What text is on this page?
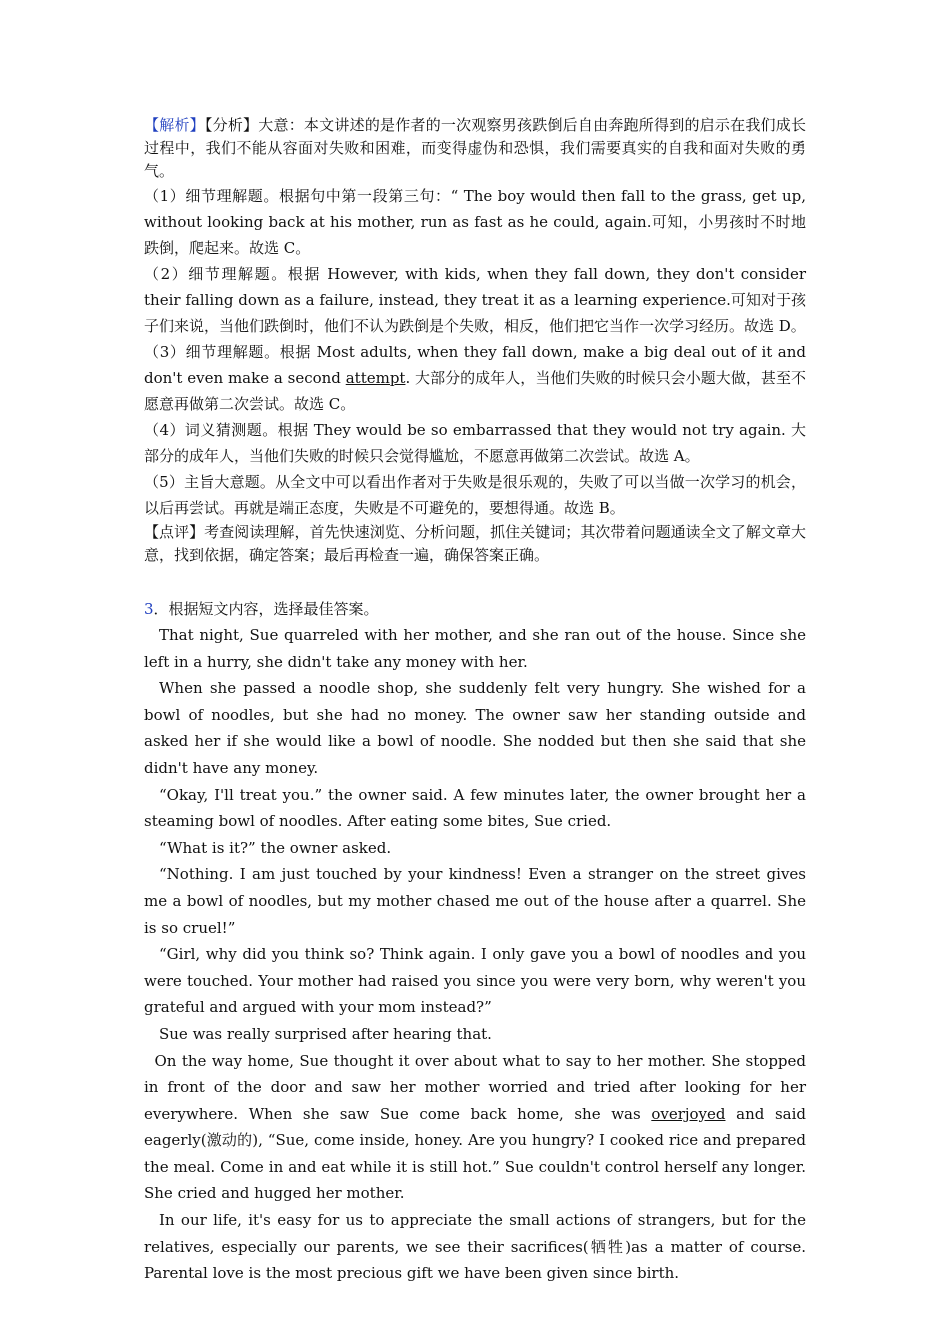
【解析】【分析】大意：本文讲述的是作者的一次观察男孩跌倒后自由奔跑所得到的启示在我们成长过程中，我们不能从容面对失败和困难，而变得虚伪和恐惧，我们需要真实的自我和面对失败的勇气。

（1）细节理解题。根据句中第一段第三句：“ The boy would then fall to the grass, get up, without looking back at his mother, run as fast as he could, again.可知，小男孩时不时地跌倒，爬起来。故选 C。

（2）细节理解题。根据 However, with kids, when they fall down, they don't consider their falling down as a failure, instead, they treat it as a learning experience.可知对于孩子们来说，当他们跌倒时，他们不认为跌倒是个失败，相反，他们把它当作一次学习经历。故选 D。

（3）细节理解题。根据 Most adults, when they fall down, make a big deal out of it and don't even make a second attempt. 大部分的成年人，当他们失败的时候只会小题大做，甚至不愿意再做第二次尝试。故选 C。

（4）词义猜测题。根据 They would be so embarrassed that they would not try again. 大部分的成年人，当他们失败的时候只会觉得尴尬，不愿意再做第二次尝试。故选 A。

（5）主旨大意题。从全文中可以看出作者对于失败是很乐观的，失败了可以当做一次学习的机会，以后再尝试。再就是端正态度，失败是不可避免的，要想得通。故选 B。

【点评】考查阅读理解，首先快速浏览、分析问题，抓住关键词；其次带着问题通读全文了解文章大意，找到依据，确定答案；最后再检查一遍，确保答案正确。

3．根据短文内容，选择最佳答案。

That night, Sue quarreled with her mother, and she ran out of the house. Since she left in a hurry, she didn't take any money with her.

When she passed a noodle shop, she suddenly felt very hungry. She wished for a bowl of noodles, but she had no money. The owner saw her standing outside and asked her if she would like a bowl of noodle. She nodded but then she said that she didn't have any money.

“Okay, I'll treat you.” the owner said. A few minutes later, the owner brought her a steaming bowl of noodles. After eating some bites, Sue cried.

“What is it?” the owner asked.

“Nothing. I am just touched by your kindness! Even a stranger on the street gives me a bowl of noodles, but my mother chased me out of the house after a quarrel. She is so cruel!”

“Girl, why did you think so? Think again. I only gave you a bowl of noodles and you were touched. Your mother had raised you since you were very born, why weren't you grateful and argued with your mom instead?”

Sue was really surprised after hearing that.

On the way home, Sue thought it over about what to say to her mother. She stopped in front of the door and saw her mother worried and tried after looking for her everywhere. When she saw Sue come back home, she was overjoyed and said eagerly(激动的), “Sue, come inside, honey. Are you hungry? I cooked rice and prepared the meal. Come in and eat while it is still hot.” Sue couldn't control herself any longer. She cried and hugged her mother.

In our life, it's easy for us to appreciate the small actions of strangers, but for the relatives, especially our parents, we see their sacrifices(牺牲)as a matter of course. Parental love is the most precious gift we have been given since birth.
